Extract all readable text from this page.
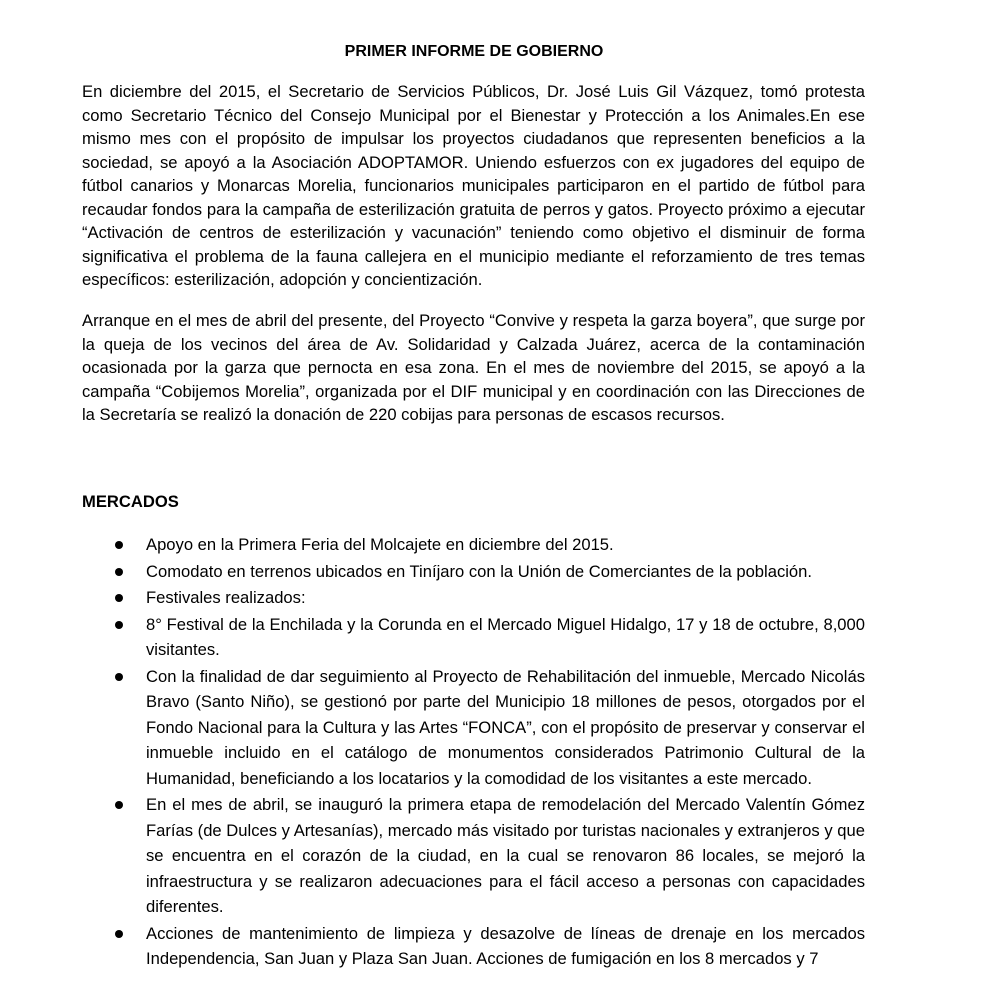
PRIMER INFORME DE GOBIERNO

En diciembre del 2015, el Secretario de Servicios Públicos, Dr. José Luis Gil Vázquez, tomó protesta como Secretario Técnico del Consejo Municipal por el Bienestar y Protección a los Animales.En ese mismo mes con el propósito de impulsar los proyectos ciudadanos que representen beneficios a la sociedad, se apoyó a la Asociación ADOPTAMOR. Uniendo esfuerzos con ex jugadores del equipo de fútbol canarios y Monarcas Morelia, funcionarios municipales participaron en el partido de fútbol para recaudar fondos para la campaña de esterilización gratuita de perros y gatos. Proyecto próximo a ejecutar “Activación de centros de esterilización y vacunación” teniendo como objetivo el disminuir de forma significativa el problema de la fauna callejera en el municipio mediante el reforzamiento de tres temas específicos: esterilización, adopción y concientización.

Arranque en el mes de abril del presente, del Proyecto “Convive y respeta la garza boyera”, que surge por la queja de los vecinos del área de Av. Solidaridad y Calzada Juárez, acerca de la contaminación ocasionada por la garza que pernocta en esa zona. En el mes de noviembre del 2015, se apoyó a la campaña “Cobijemos Morelia”, organizada por el DIF municipal y en coordinación con las Direcciones de la Secretaría se realizó la donación de 220 cobijas para personas de escasos recursos.

MERCADOS
Apoyo en la Primera Feria del Molcajete en diciembre del 2015.
Comodato en terrenos ubicados en Tiníjaro con la Unión de Comerciantes de la población.
Festivales realizados:
8° Festival de la Enchilada y la Corunda en el Mercado Miguel Hidalgo, 17 y 18 de octubre, 8,000 visitantes.
Con la finalidad de dar seguimiento al Proyecto de Rehabilitación del inmueble, Mercado Nicolás Bravo (Santo Niño), se gestionó por parte del Municipio 18 millones de pesos, otorgados por el Fondo Nacional para la Cultura y las Artes “FONCA”, con el propósito de preservar y conservar el inmueble incluido en el catálogo de monumentos considerados Patrimonio Cultural de la Humanidad, beneficiando a los locatarios y la comodidad de los visitantes a este mercado.
En el mes de abril, se inauguró la primera etapa de remodelación del Mercado Valentín Gómez Farías (de Dulces y Artesanías), mercado más visitado por turistas nacionales y extranjeros y que se encuentra en el corazón de la ciudad, en la cual se renovaron 86 locales, se mejoró la infraestructura y se realizaron adecuaciones para el fácil acceso a personas con capacidades diferentes.
Acciones de mantenimiento de limpieza y desazolve de líneas de drenaje en los mercados Independencia, San Juan y Plaza San Juan. Acciones de fumigación en los 8 mercados y 7
